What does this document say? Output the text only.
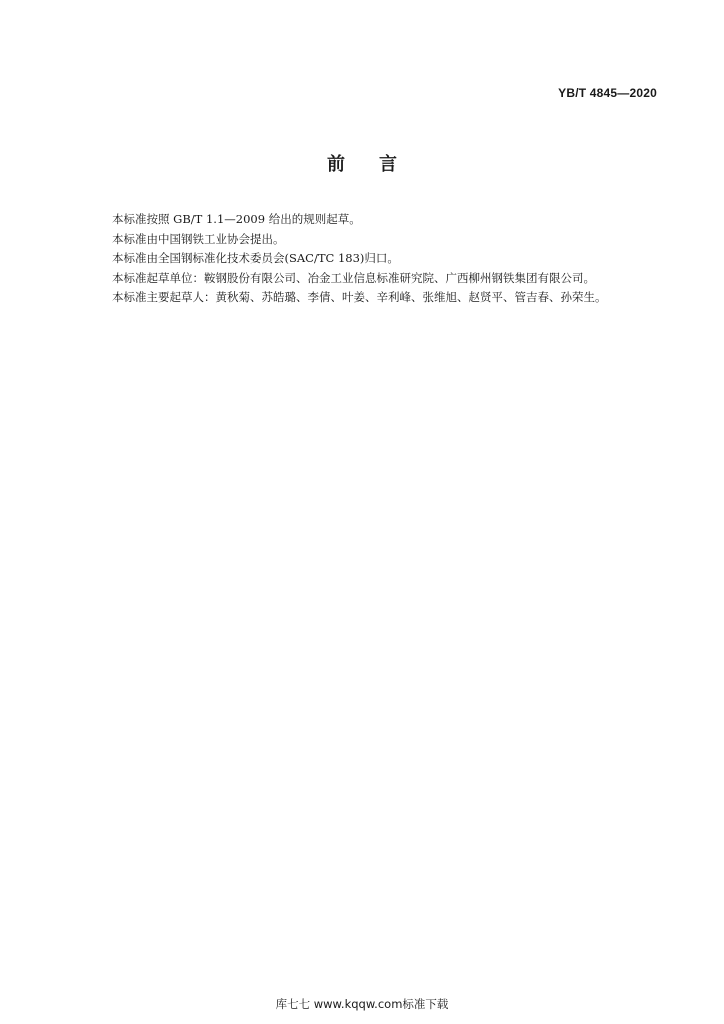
YB/T 4845—2020
前言

本标准按照 GB/T 1.1—2009 给出的规则起草。

本标准由中国钢铁工业协会提出。

本标准由全国钢标准化技术委员会(SAC/TC 183)归口。

本标准起草单位：鞍钢股份有限公司、冶金工业信息标准研究院、广西柳州钢铁集团有限公司。

本标准主要起草人：黄秋菊、苏皓璐、李倩、叶姜、辛利峰、张维旭、赵贤平、管吉春、孙荣生。

库七七 www.kqqw.com标准下载
